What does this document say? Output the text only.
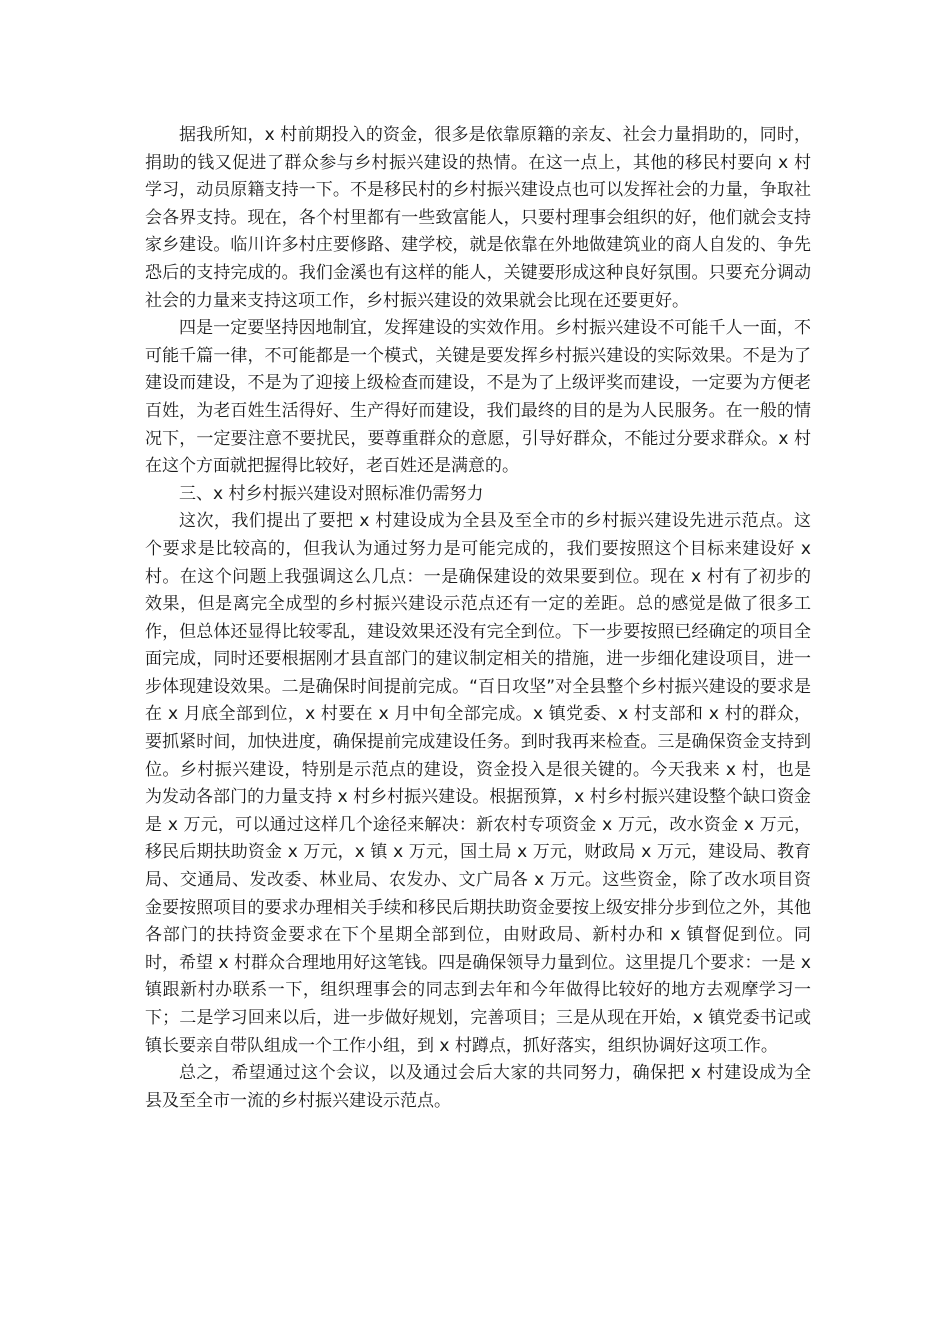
据我所知，x 村前期投入的资金，很多是依靠原籍的亲友、社会力量捐助的，同时，捐助的钱又促进了群众参与乡村振兴建设的热情。在这一点上，其他的移民村要向 x 村学习，动员原籍支持一下。不是移民村的乡村振兴建设点也可以发挥社会的力量，争取社会各界支持。现在，各个村里都有一些致富能人，只要村理事会组织的好，他们就会支持家乡建设。临川许多村庄要修路、建学校，就是依靠在外地做建筑业的商人自发的、争先恐后的支持完成的。我们金溪也有这样的能人，关键要形成这种良好氛围。只要充分调动社会的力量来支持这项工作，乡村振兴建设的效果就会比现在还要更好。

四是一定要坚持因地制宜，发挥建设的实效作用。乡村振兴建设不可能千人一面，不可能千篇一律，不可能都是一个模式，关键是要发挥乡村振兴建设的实际效果。不是为了建设而建设，不是为了迎接上级检查而建设，不是为了上级评奖而建设，一定要为方便老百姓，为老百姓生活得好、生产得好而建设，我们最终的目的是为人民服务。在一般的情况下，一定要注意不要扰民，要尊重群众的意愿，引导好群众，不能过分要求群众。x 村在这个方面就把握得比较好，老百姓还是满意的。

三、x 村乡村振兴建设对照标准仍需努力

这次，我们提出了要把 x 村建设成为全县及至全市的乡村振兴建设先进示范点。这个要求是比较高的，但我认为通过努力是可能完成的，我们要按照这个目标来建设好 x 村。在这个问题上我强调这么几点：一是确保建设的效果要到位。现在 x 村有了初步的效果，但是离完全成型的乡村振兴建设示范点还有一定的差距。总的感觉是做了很多工作，但总体还显得比较零乱，建设效果还没有完全到位。下一步要按照已经确定的项目全面完成，同时还要根据刚才县直部门的建议制定相关的措施，进一步细化建设项目，进一步体现建设效果。二是确保时间提前完成。“百日攻坚”对全县整个乡村振兴建设的要求是在 x 月底全部到位，x 村要在 x 月中旬全部完成。x 镇党委、x 村支部和 x 村的群众，要抓紧时间，加快进度，确保提前完成建设任务。到时我再来检查。三是确保资金支持到位。乡村振兴建设，特别是示范点的建设，资金投入是很关键的。今天我来 x 村，也是为发动各部门的力量支持 x 村乡村振兴建设。根据预算，x 村乡村振兴建设整个缺口资金是 x 万元，可以通过这样几个途径来解决：新农村专项资金 x 万元，改水资金 x 万元，移民后期扶助资金 x 万元，x 镇 x 万元，国土局 x 万元，财政局 x 万元，建设局、教育局、交通局、发改委、林业局、农发办、文广局各 x 万元。这些资金，除了改水项目资金要按照项目的要求办理相关手续和移民后期扶助资金要按上级安排分步到位之外，其他各部门的扶持资金要求在下个星期全部到位，由财政局、新村办和 x 镇督促到位。同时，希望 x 村群众合理地用好这笔钱。四是确保领导力量到位。这里提几个要求：一是 x 镇跟新村办联系一下，组织理事会的同志到去年和今年做得比较好的地方去观摩学习一下；二是学习回来以后，进一步做好规划，完善项目；三是从现在开始，x 镇党委书记或镇长要亲自带队组成一个工作小组，到 x 村蹲点，抓好落实，组织协调好这项工作。

总之，希望通过这个会议，以及通过会后大家的共同努力，确保把 x 村建设成为全县及至全市一流的乡村振兴建设示范点。
